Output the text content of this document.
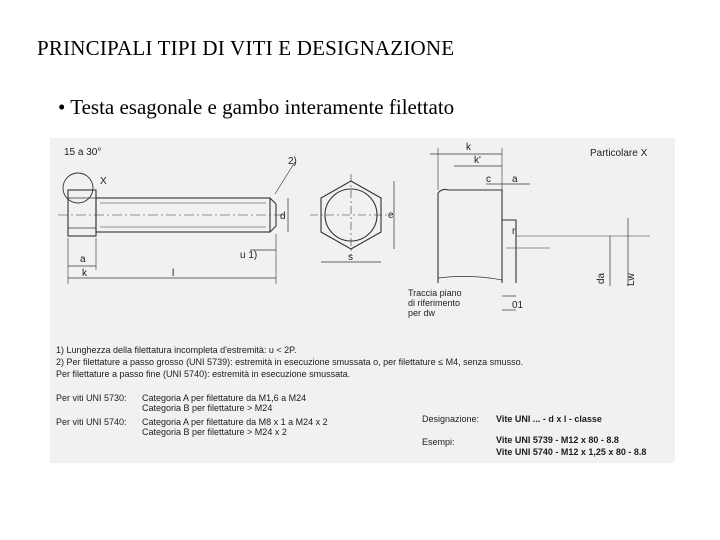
PRINCIPALI TIPI DI VITI E DESIGNAZIONE
• Testa esagonale e gambo interamente filettato
15 a 30°
X
2)
u 1)
a
k	l
d
s
e
Particolare X
k
k'
c a
r
da Lw
01
Traccia piano
di riferimento
per dw
1) Lunghezza della filettatura incompleta d'estremità: u < 2P.
2) Per filettature a passo grosso (UNI 5739): estremità in esecuzione smussata o, per filettature ≤ M4, senza smusso.
Per filettature a passo fine (UNI 5740): estremità in esecuzione smussata.
Per viti UNI 5730: Categoria A per filettature da M1,6 a M24
Categoria B per filettature > M24
Per viti UNI 5740: Categoria A per filettature da M8 x 1 a M24 x 2
Categoria B per filettature > M24 x 2
Designazione: Vite UNI ... - d x l - classe
Esempi:	Vite UNI 5739 - M12 x 80 - 8.8
Vite UNI 5740 - M12 x 1,25 x 80 - 8.8
